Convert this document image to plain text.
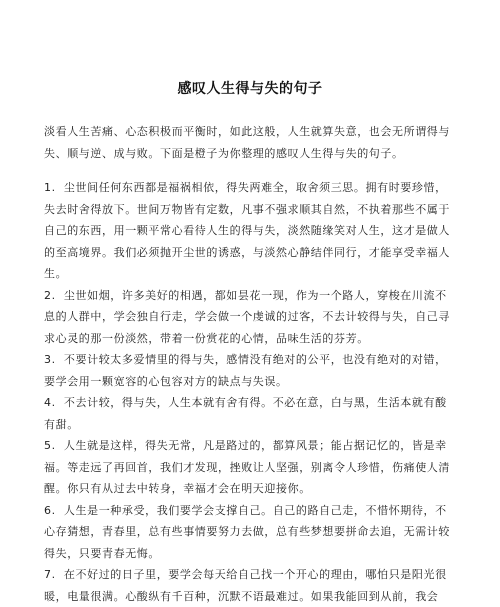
感叹人生得与失的句子
淡看人生苦痛、心态积极而平衡时，如此这般，人生就算失意，也会无所谓得与失、顺与逆、成与败。下面是橙子为你整理的感叹人生得与失的句子。
1. 尘世间任何东西都是福祸相依，得失两难全，取舍须三思。拥有时要珍惜，失去时舍得放下。世间万物皆有定数，凡事不强求顺其自然，不执着那些不属于自己的东西，用一颗平常心看待人生的得与失，淡然随缘笑对人生，这才是做人的至高境界。我们必须抛开尘世的诱惑，与淡然心静结伴同行，才能享受幸福人生。
2. 尘世如烟，许多美好的相遇，都如昙花一现，作为一个路人，穿梭在川流不息的人群中，学会独自行走，学会做一个虔诚的过客，不去计较得与失，自己寻求心灵的那一份淡然，带着一份赏花的心情，品味生活的芬芳。
3. 不要计较太多爱情里的得与失，感情没有绝对的公平，也没有绝对的对错，要学会用一颗宽容的心包容对方的缺点与失误。
4. 不去计较，得与失，人生本就有舍有得。不必在意，白与黑，生活本就有酸有甜。
5. 人生就是这样，得失无常，凡是路过的，都算风景；能占据记忆的，皆是幸福。等走远了再回首，我们才发现，挫败让人坚强，别离令人珍惜，伤痛使人清醒。你只有从过去中转身，幸福才会在明天迎接你。
6. 人生是一种承受，我们要学会支撑自己。自己的路自己走，不惜怀期待，不心存猜想，青春里，总有些事情要努力去做，总有些梦想要拼命去追，无需计较得失，只要青春无悔。
7. 在不好过的日子里，要学会每天给自己找一个开心的理由，哪怕只是阳光很暖，电量很满。心酸纵有千百种，沉默不语最难过。如果我能回到从前，我会
